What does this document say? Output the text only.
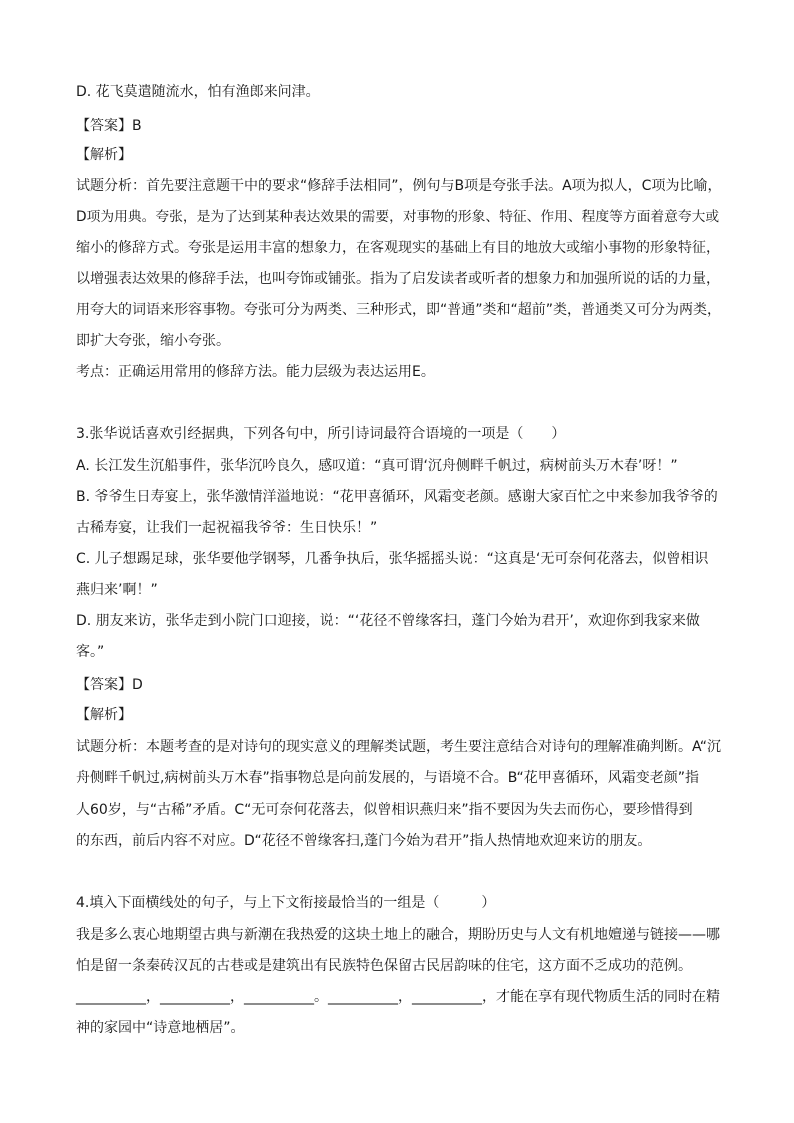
D. 花飞莫遣随流水，怕有渔郎来问津。
【答案】B
【解析】
试题分析：首先要注意题干中的要求“修辞手法相同”，例句与B项是夸张手法。A项为拟人，C项为比喻，
D项为用典。夸张，是为了达到某种表达效果的需要，对事物的形象、特征、作用、程度等方面着意夸大或
缩小的修辞方式。夸张是运用丰富的想象力，在客观现实的基础上有目的地放大或缩小事物的形象特征，
以增强表达效果的修辞手法，也叫夸饰或铺张。指为了启发读者或听者的想象力和加强所说的话的力量，
用夸大的词语来形容事物。夸张可分为两类、三种形式，即“普通”类和“超前”类，普通类又可分为两类，
即扩大夸张，缩小夸张。
考点：正确运用常用的修辞方法。能力层级为表达运用E。
3.张华说话喜欢引经据典，下列各句中，所引诗词最符合语境的一项是（　　）
A. 长江发生沉船事件，张华沉吟良久，感叹道：“真可谓‘沉舟侧畔千帆过，病树前头万木春’呀！”
B. 爷爷生日寿宴上，张华激情洋溢地说：“花甲喜循环，风霜变老颜。感谢大家百忙之中来参加我爷爷的
古稀寿宴，让我们一起祝福我爷爷：生日快乐！”
C. 儿子想踢足球，张华要他学钢琴，几番争执后，张华摇摇头说：“这真是‘无可奈何花落去，似曾相识
燕归来’啊！”
D. 朋友来访，张华走到小院门口迎接，说：“‘花径不曾缘客扫，蓬门今始为君开’，欢迎你到我家来做
客。”
【答案】D
【解析】
试题分析：本题考查的是对诗句的现实意义的理解类试题，考生要注意结合对诗句的理解准确判断。A“沉
舟侧畔千帆过,病树前头万木春”指事物总是向前发展的，与语境不合。B“花甲喜循环，风霜变老颜”指
人60岁，与“古稀”矛盾。C“无可奈何花落去，似曾相识燕归来”指不要因为失去而伤心，要珍惜得到
的东西，前后内容不对应。D“花径不曾缘客扫,蓬门今始为君开”指人热情地欢迎来访的朋友。
4.填入下面横线处的句子，与上下文衔接最恰当的一组是（　　　）
我是多么衷心地期望古典与新潮在我热爱的这块土地上的融合，期盼历史与人文有机地嬗递与链接——哪
怕是留一条秦砖汉瓦的古巷或是建筑出有民族特色保留古民居韵味的住宅，这方面不乏成功的范例。
__________，__________，__________。__________，__________，才能在享有现代物质生活的同时在精
神的家园中“诗意地栖居”。
